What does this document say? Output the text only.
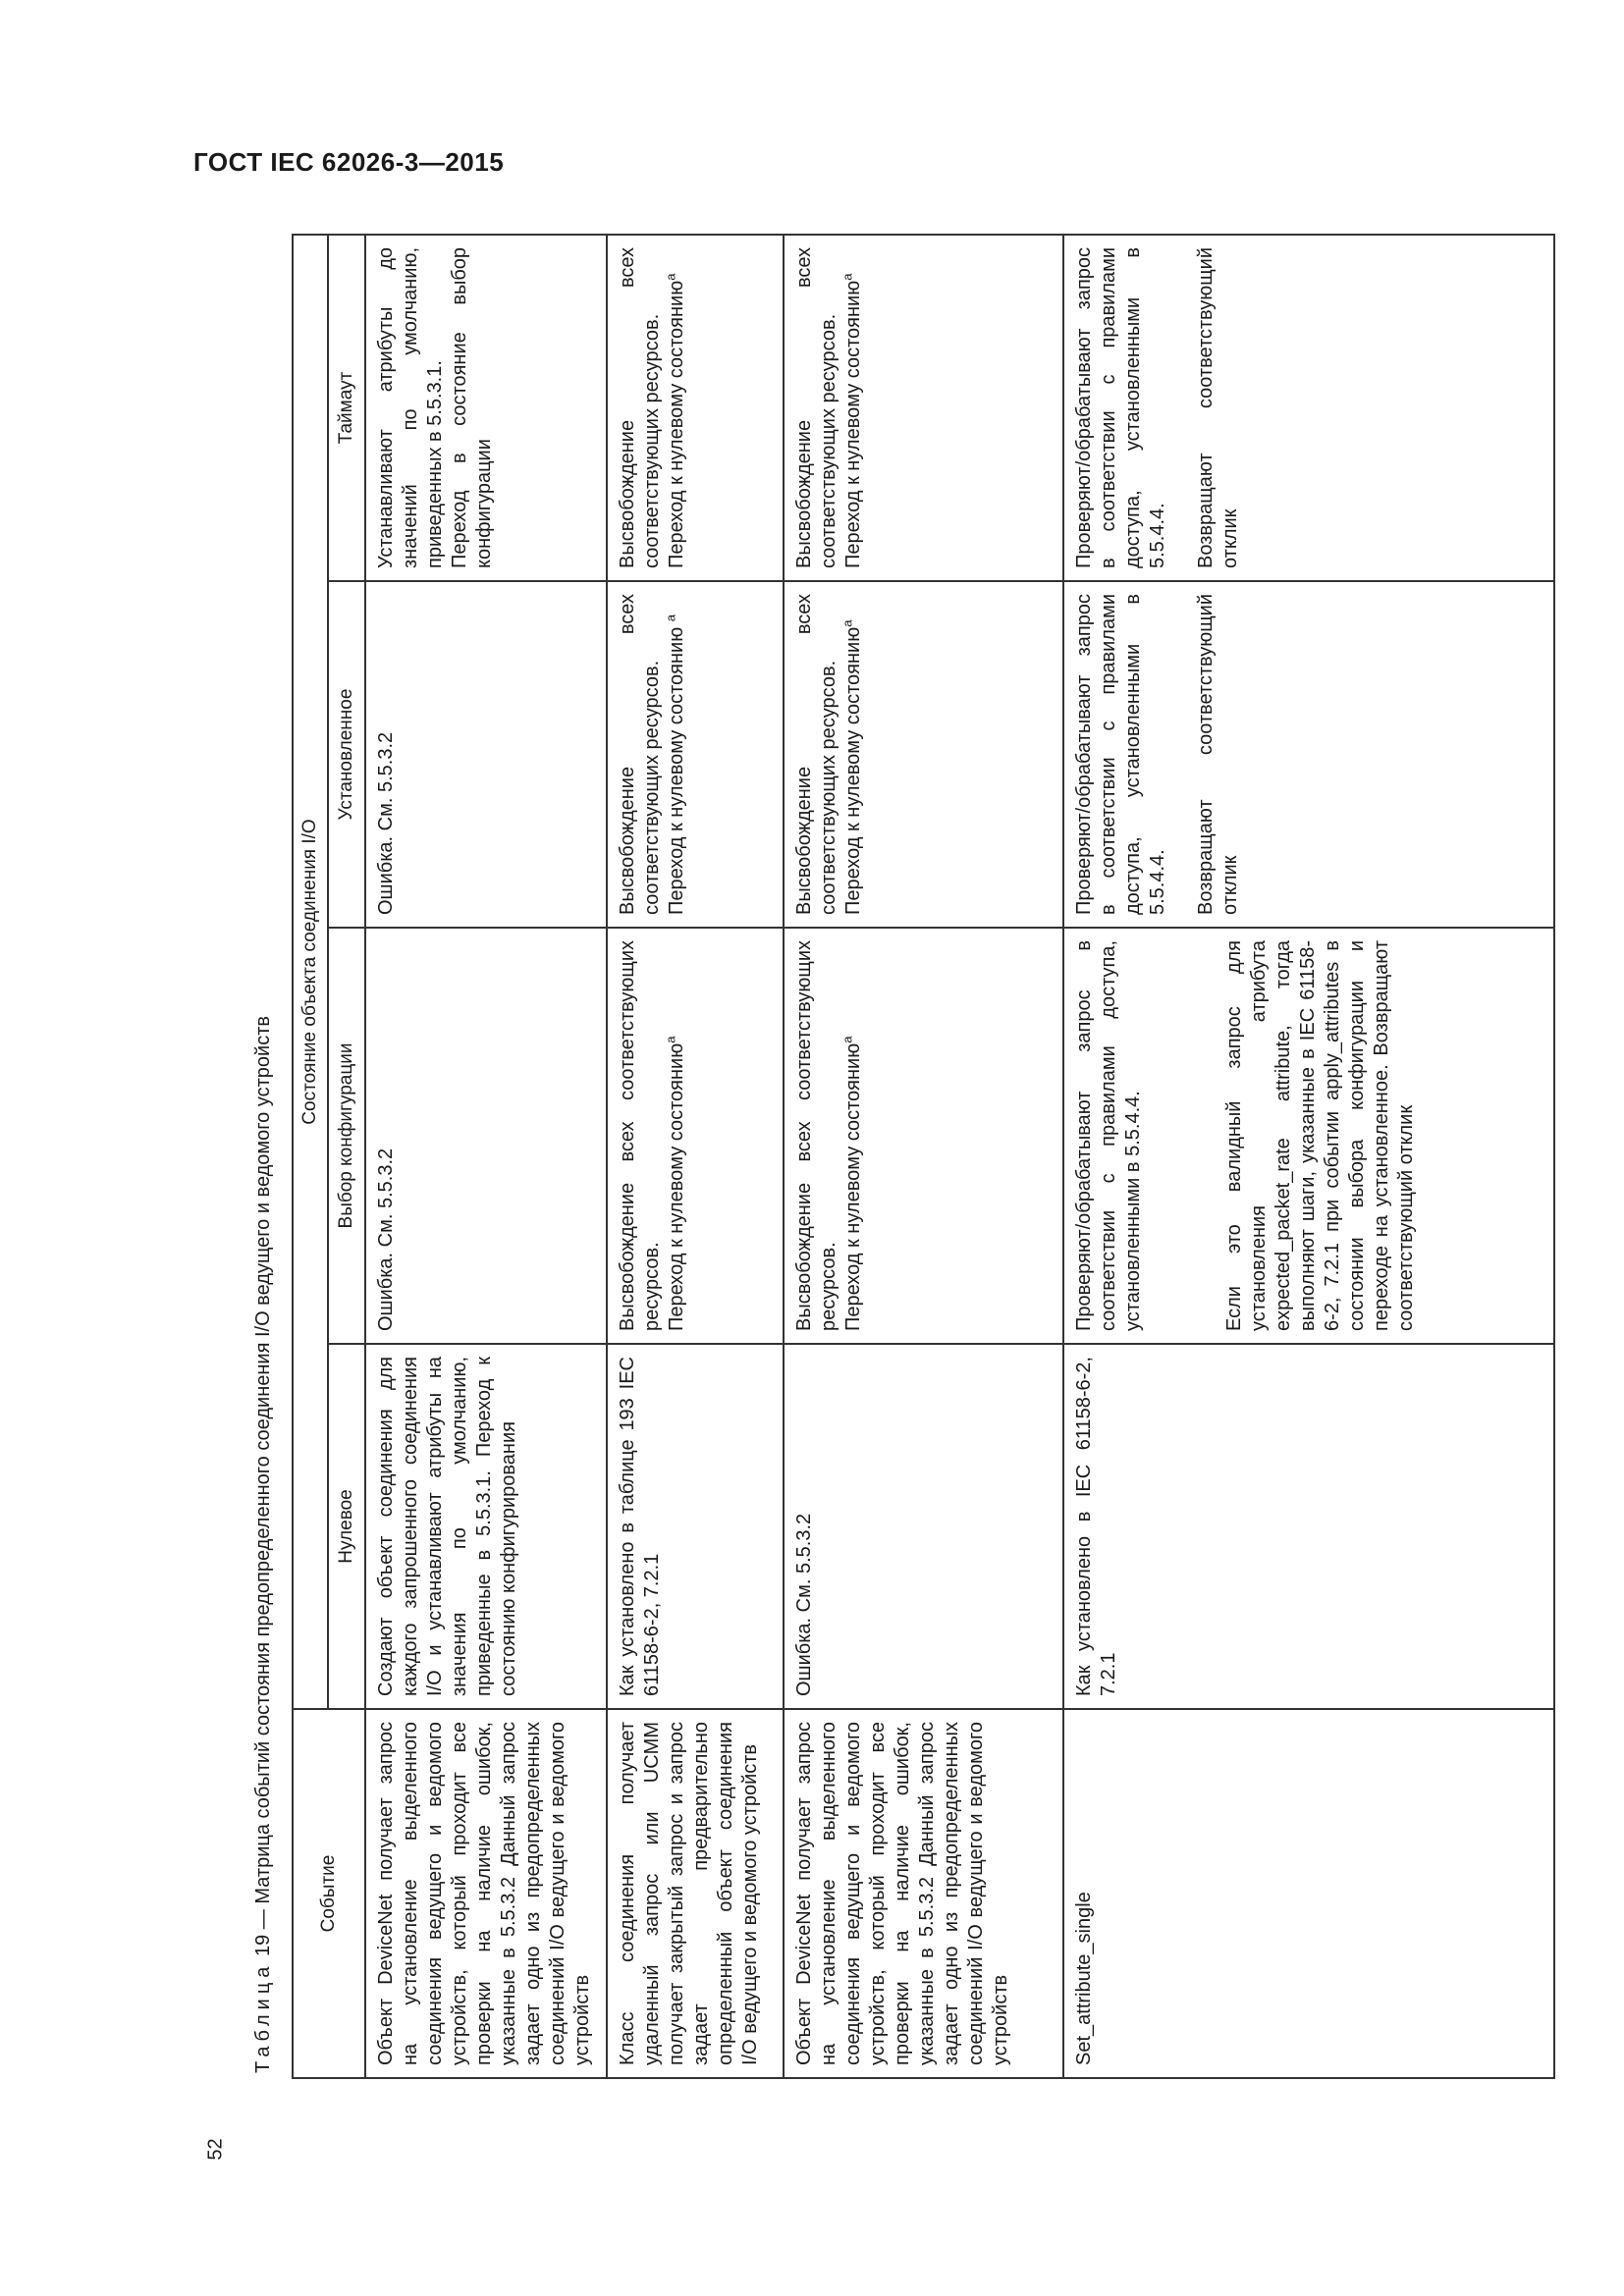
ГОСТ IEC 62026-3—2015
52
Таблица 19 — Матрица событий состояния предопределенного соединения I/O ведущего и ведомого устройств	Событие	Состояние объекта соединения I/O			
	Нулевое	Выбор конфигурации	Установленное	Таймаут

Объект DeviceNet получает запрос на установление выделенного соединения ведущего и ведомого устройств, который проходит все проверки на наличие ошибок, указанные в 5.5.3.2 Данный запрос задает одно из предопределенных соединений I/O ведущего и ведомого устройств	Создают объект соединения для каждого запрошенного соединения I/O и устанавливают атрибуты на значения по умолчанию, приведенные в 5.5.3.1. Переход к состоянию конфигурирования	Ошибка. См. 5.5.3.2	Ошибка. См. 5.5.3.2	Устанавливают атрибуты до значений по умолчанию, приведенных в 5.5.3.1. Переход в состояние выбор конфигурации

Класс соединения получает удаленный запрос или UCMM получает закрытый запрос и запрос задает предварительно определенный объект соединения I/O ведущего и ведомого устройств	Как установлено в таблице 193 IEC 61158-6-2, 7.2.1	Высвобождение всех соответствующих ресурсов. Переход к нулевому состоянию$^a$	Высвобождение всех соответствующих ресурсов. Переход к нулевому состоянию $^a$	Высвобождение всех соответствующих ресурсов. Переход к нулевому состоянию$^a$

Объект DeviceNet получает запрос на установление выделенного соединения ведущего и ведомого устройств, который проходит все проверки на наличие ошибок, указанные в 5.5.3.2 Данный запрос задает одно из предопределенных соединений I/O ведущего и ведомого устройств	Ошибка. См. 5.5.3.2	Высвобождение всех соответствующих ресурсов. Переход к нулевому состоянию$^a$	Высвобождение всех соответствующих ресурсов. Переход к нулевому состоянию$^a$	Высвобождение всех соответствующих ресурсов. Переход к нулевому состоянию$^a$

Set_attribute_single	Как установлено в IEC 61158-6-2, 7.2.1	Проверяют/обрабатывают запрос в соответствии с правилами доступа, установленными в 5.5.4.4. Если это валидный запрос для установления атрибута expected_packet_rate attribute, тогда выполняют шаги, указанные в IEC 61158-6-2, 7.2.1 при событии apply_attributes в состоянии выбора конфигурации и переходе на установленное. Возвращают соответствующий отклик	Проверяют/обрабатывают запрос в соответствии с правилами доступа, установленными в 5.5.4.4. Возвращают соответствующий отклик	Проверяют/обрабатывают запрос в соответствии с правилами доступа, установленными в 5.5.4.4. Возвращают соответствующий отклик
